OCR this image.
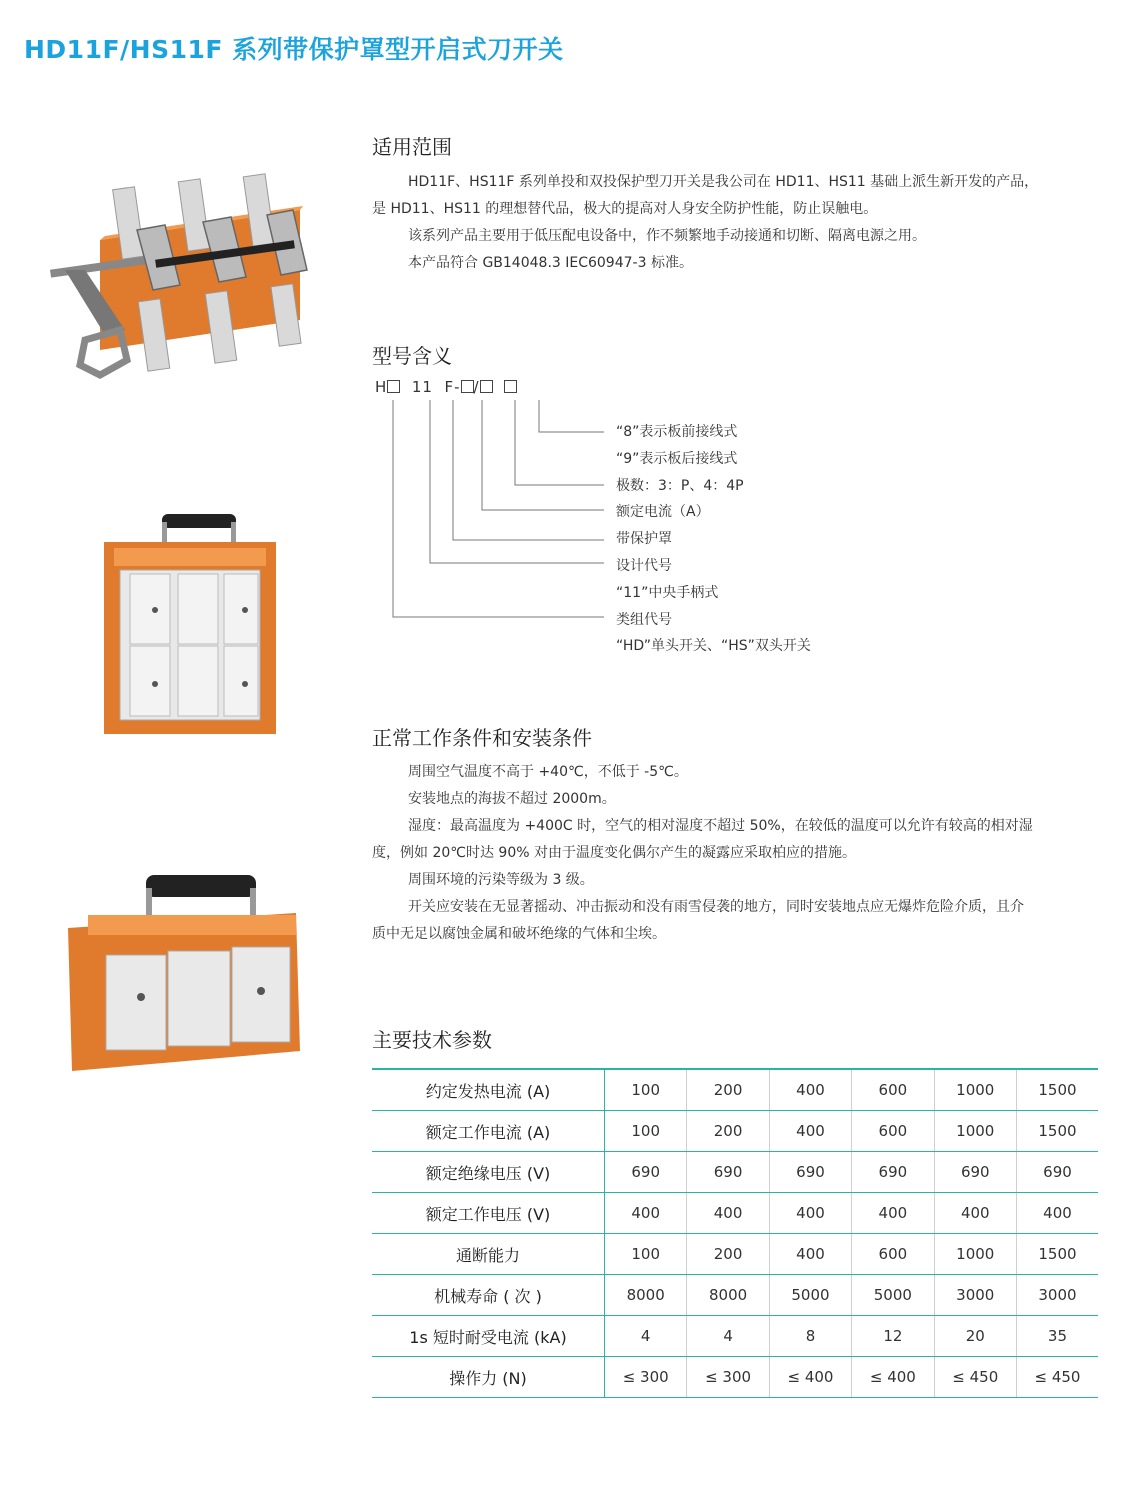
HD11F/HS11F 系列带保护罩型开启式刀开关
适用范围

HD11F、HS11F 系列单投和双投保护型刀开关是我公司在 HD11、HS11 基础上派生新开发的产品，

是 HD11、HS11 的理想替代品，极大的提高对人身安全防护性能，防止误触电。

该系列产品主要用于低压配电设备中，作不频繁地手动接通和切断、隔离电源之用。

本产品符合 GB14048.3 IEC60947-3 标准。

型号含义
H 11 F- /
“8”表示板前接线式
“9”表示板后接线式
极数：3：P、4：4P
额定电流（A）
带保护罩
设计代号
“11”中央手柄式
类组代号
“HD”单头开关、“HS”双头开关
正常工作条件和安装条件

周围空气温度不高于 +40℃，不低于 -5℃。

安装地点的海拔不超过 2000m。

湿度：最高温度为 +400C 时，空气的相对湿度不超过 50%，在较低的温度可以允许有较高的相对湿

度，例如 20℃时达 90% 对由于温度变化偶尔产生的凝露应采取柏应的措施。

周围环境的污染等级为 3 级。

开关应安装在无显著摇动、冲击振动和没有雨雪侵袭的地方，同时安装地点应无爆炸危险介质，且介

质中无足以腐蚀金属和破坏绝缘的气体和尘埃。

主要技术参数
约定发热电流 (A)	100	200	400	600	1000	1500
额定工作电流 (A)	100	200	400	600	1000	1500
额定绝缘电压 (V)	690	690	690	690	690	690
额定工作电压 (V)	400	400	400	400	400	400
通断能力	100	200	400	600	1000	1500
机械寿命 ( 次 )	8000	8000	5000	5000	3000	3000
1s 短时耐受电流 (kA)	4	4	8	12	20	35
操作力 (N)	≤ 300	≤ 300	≤ 400	≤ 400	≤ 450	≤ 450
